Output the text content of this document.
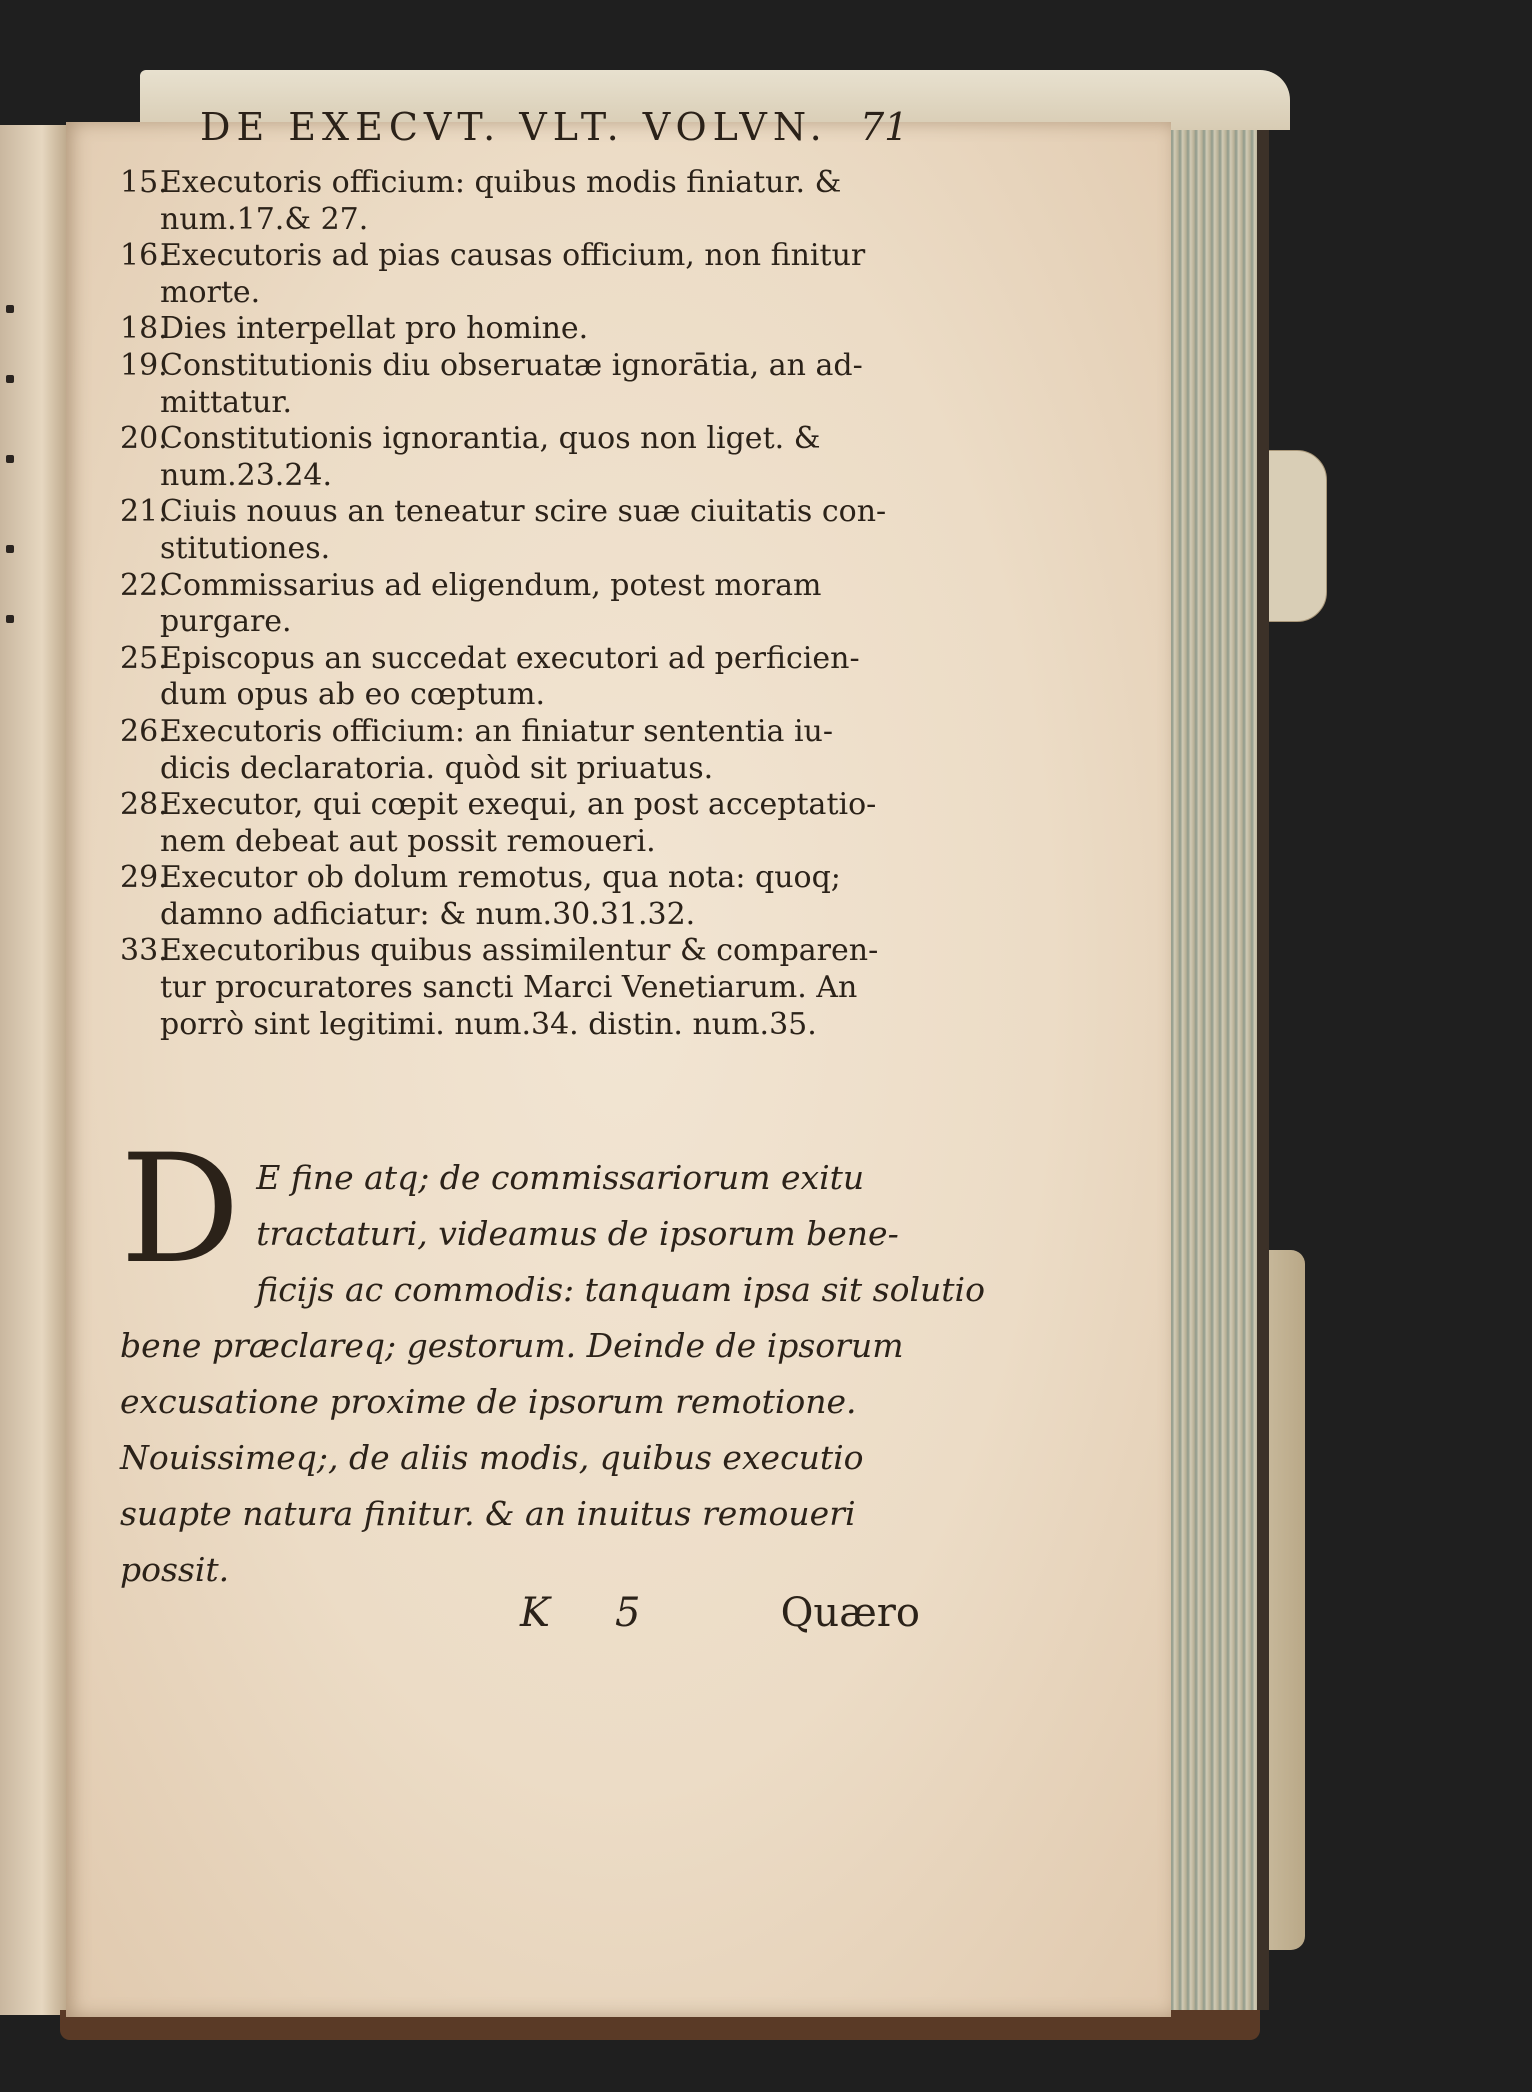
DE EXECVT. VLT. VOLVN. 71
15.
Executoris officium: quibus modis finiatur. &
num.17.& 27.
16.
Executoris ad pias causas officium, non finitur
morte.
18.
Dies interpellat pro homine.
19.
Constitutionis diu obseruatæ ignorātia, an ad-
mittatur.
20.
Constitutionis ignorantia, quos non liget. &
num.23.24.
21.
Ciuis nouus an teneatur scire suæ ciuitatis con-
stitutiones.
22.
Commissarius ad eligendum, potest moram
purgare.
25.
Episcopus an succedat executori ad perficien-
dum opus ab eo cœptum.
26.
Executoris officium: an finiatur sententia iu-
dicis declaratoria. quòd sit priuatus.
28.
Executor, qui cœpit exequi, an post acceptatio-
nem debeat aut possit remoueri.
29.
Executor ob dolum remotus, qua nota: quoq;
damno adficiatur: & num.30.31.32.
33.
Executoribus quibus assimilentur & comparen-
tur procuratores sancti Marci Venetiarum. An
porrò sint legitimi. num.34. distin. num.35.
D E fine atq; de commissariorum exitu
tractaturi, videamus de ipsorum bene-
ficijs ac commodis: tanquam ipsa sit solutio
bene præclareq; gestorum. Deinde de ipsorum
excusatione proxime de ipsorum remotione.
Nouissimeq;, de aliis modis, quibus executio
suapte natura finitur. & an inuitus remoueri
possit.
K 5	Quæro
